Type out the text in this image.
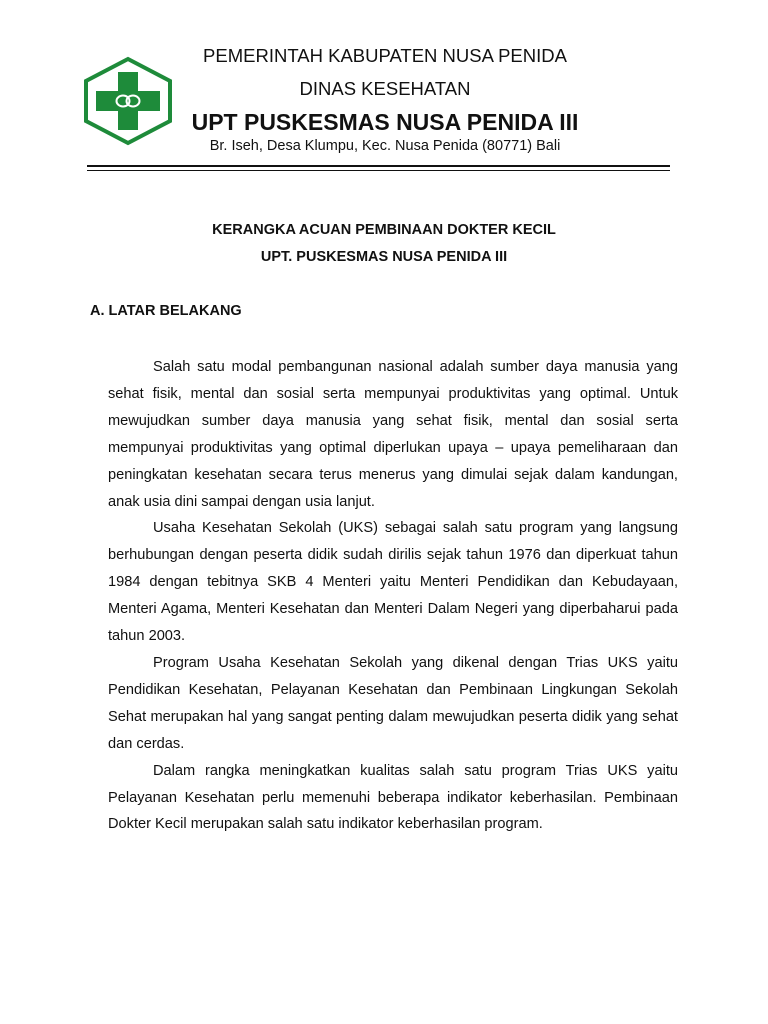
PEMERINTAH KABUPATEN NUSA PENIDA
DINAS KESEHATAN
UPT PUSKESMAS NUSA PENIDA III
Br. Iseh, Desa Klumpu, Kec. Nusa Penida (80771) Bali
KERANGKA ACUAN PEMBINAAN DOKTER KECIL
UPT. PUSKESMAS NUSA PENIDA III
A. LATAR BELAKANG

Salah satu modal pembangunan nasional adalah sumber daya manusia yang sehat fisik, mental dan sosial serta mempunyai produktivitas yang optimal. Untuk mewujudkan sumber daya manusia yang sehat fisik, mental dan sosial serta mempunyai produktivitas yang optimal diperlukan upaya – upaya pemeliharaan dan peningkatan kesehatan secara terus menerus yang dimulai sejak dalam kandungan, anak usia dini sampai dengan usia lanjut.

Usaha Kesehatan Sekolah (UKS) sebagai salah satu program yang langsung berhubungan dengan peserta didik sudah dirilis sejak tahun 1976 dan diperkuat tahun 1984 dengan tebitnya SKB 4 Menteri yaitu Menteri Pendidikan dan Kebudayaan, Menteri Agama, Menteri Kesehatan dan Menteri Dalam Negeri yang diperbaharui pada tahun 2003.

Program Usaha Kesehatan Sekolah yang dikenal dengan Trias UKS yaitu Pendidikan Kesehatan, Pelayanan Kesehatan dan Pembinaan Lingkungan Sekolah Sehat merupakan hal yang sangat penting dalam mewujudkan peserta didik yang sehat dan cerdas.

Dalam rangka meningkatkan kualitas salah satu program Trias UKS yaitu Pelayanan Kesehatan perlu memenuhi beberapa indikator keberhasilan. Pembinaan Dokter Kecil merupakan salah satu indikator keberhasilan program.
